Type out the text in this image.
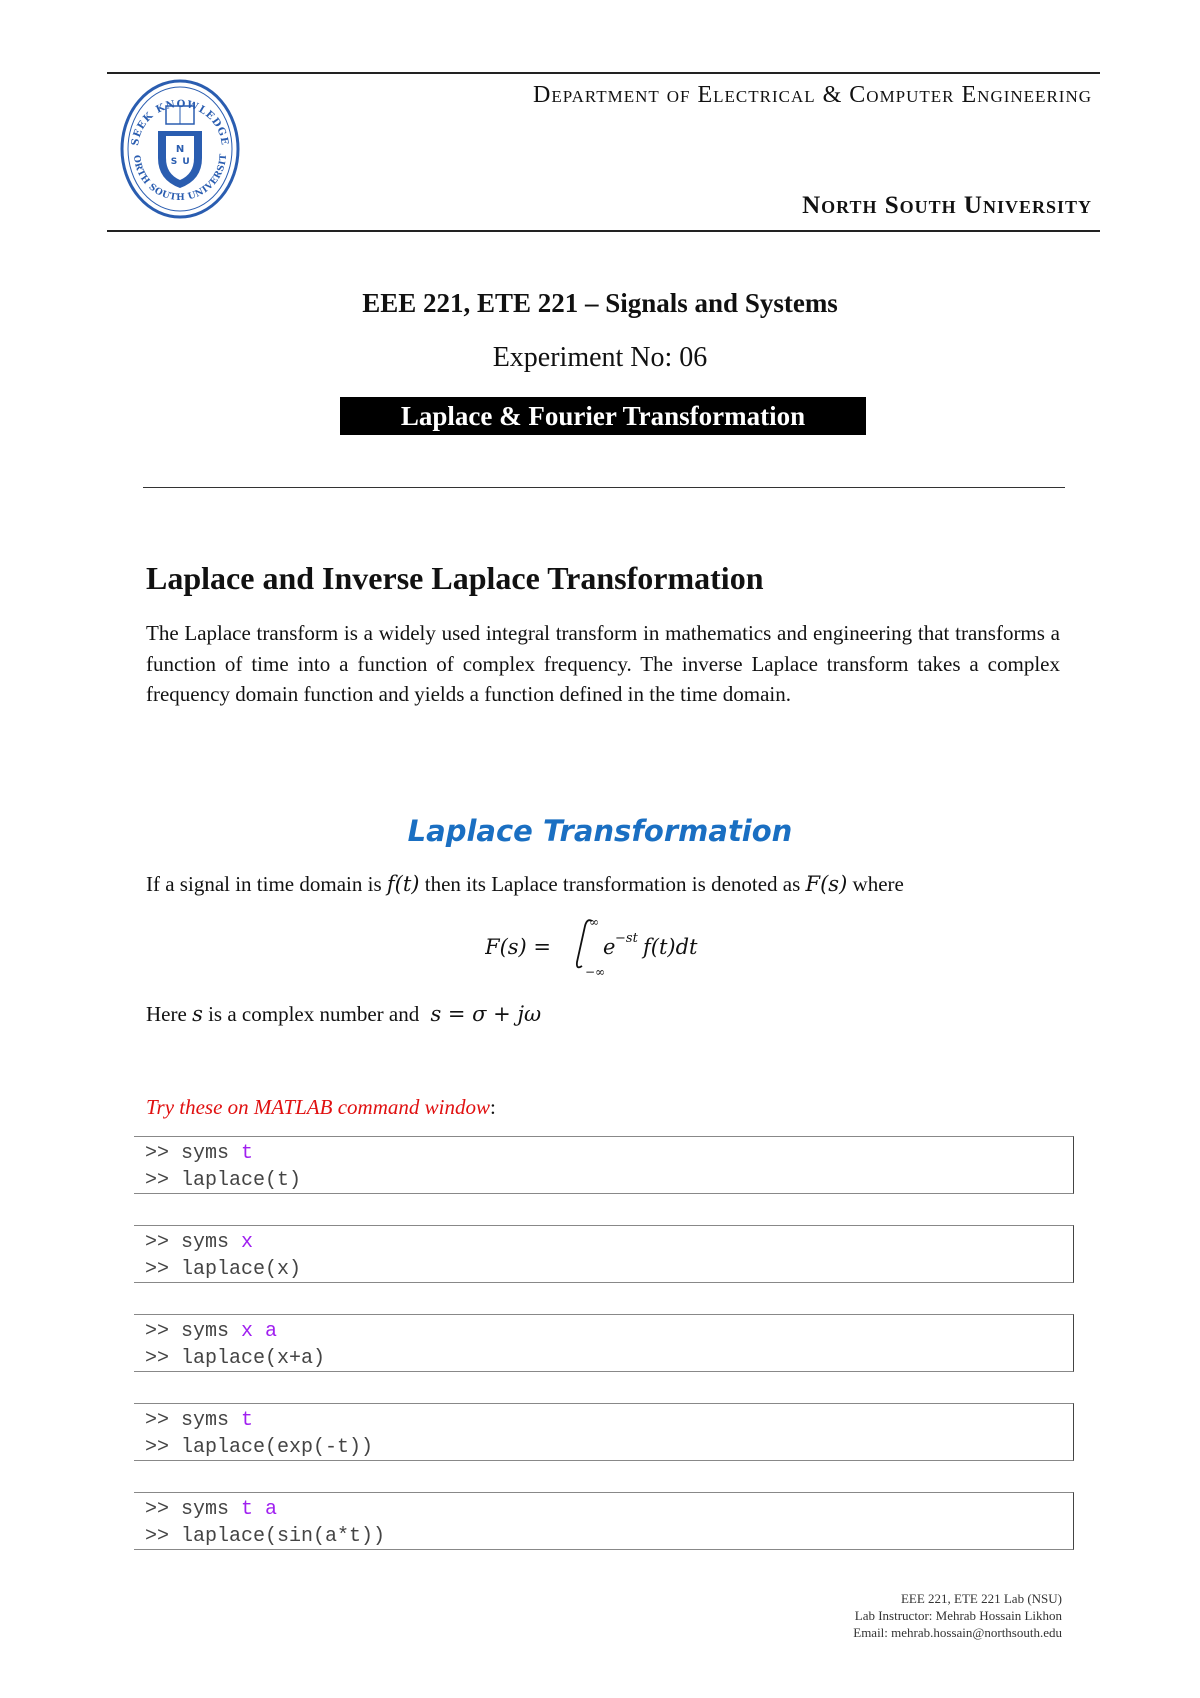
SEEK KNOWLEDGE
ORTH SOUTH UNIVERSIT
N
S U
Department of Electrical & Computer Engineering
North South University
EEE 221, ETE 221 – Signals and Systems
Experiment No: 06
Laplace & Fourier Transformation
Laplace and Inverse Laplace Transformation
The Laplace transform is a widely used integral transform in mathematics and engineering that transforms a function of time into a function of complex frequency. The inverse Laplace transform takes a complex frequency domain function and yields a function defined in the time domain.
Laplace Transformation
If a signal in time domain is f(t) then its Laplace transformation is denoted as F(s) where
F(s) =
∞
−∞
e −st f(t)dt
Here s is a complex number and s = σ + jω
Try these on MATLAB command window:
>> syms t
>> laplace(t)
>> syms x
>> laplace(x)
>> syms x a
>> laplace(x+a)
>> syms t
>> laplace(exp(-t))
>> syms t a
>> laplace(sin(a*t))
EEE 221, ETE 221 Lab (NSU)
Lab Instructor: Mehrab Hossain Likhon
Email: mehrab.hossain@northsouth.edu
